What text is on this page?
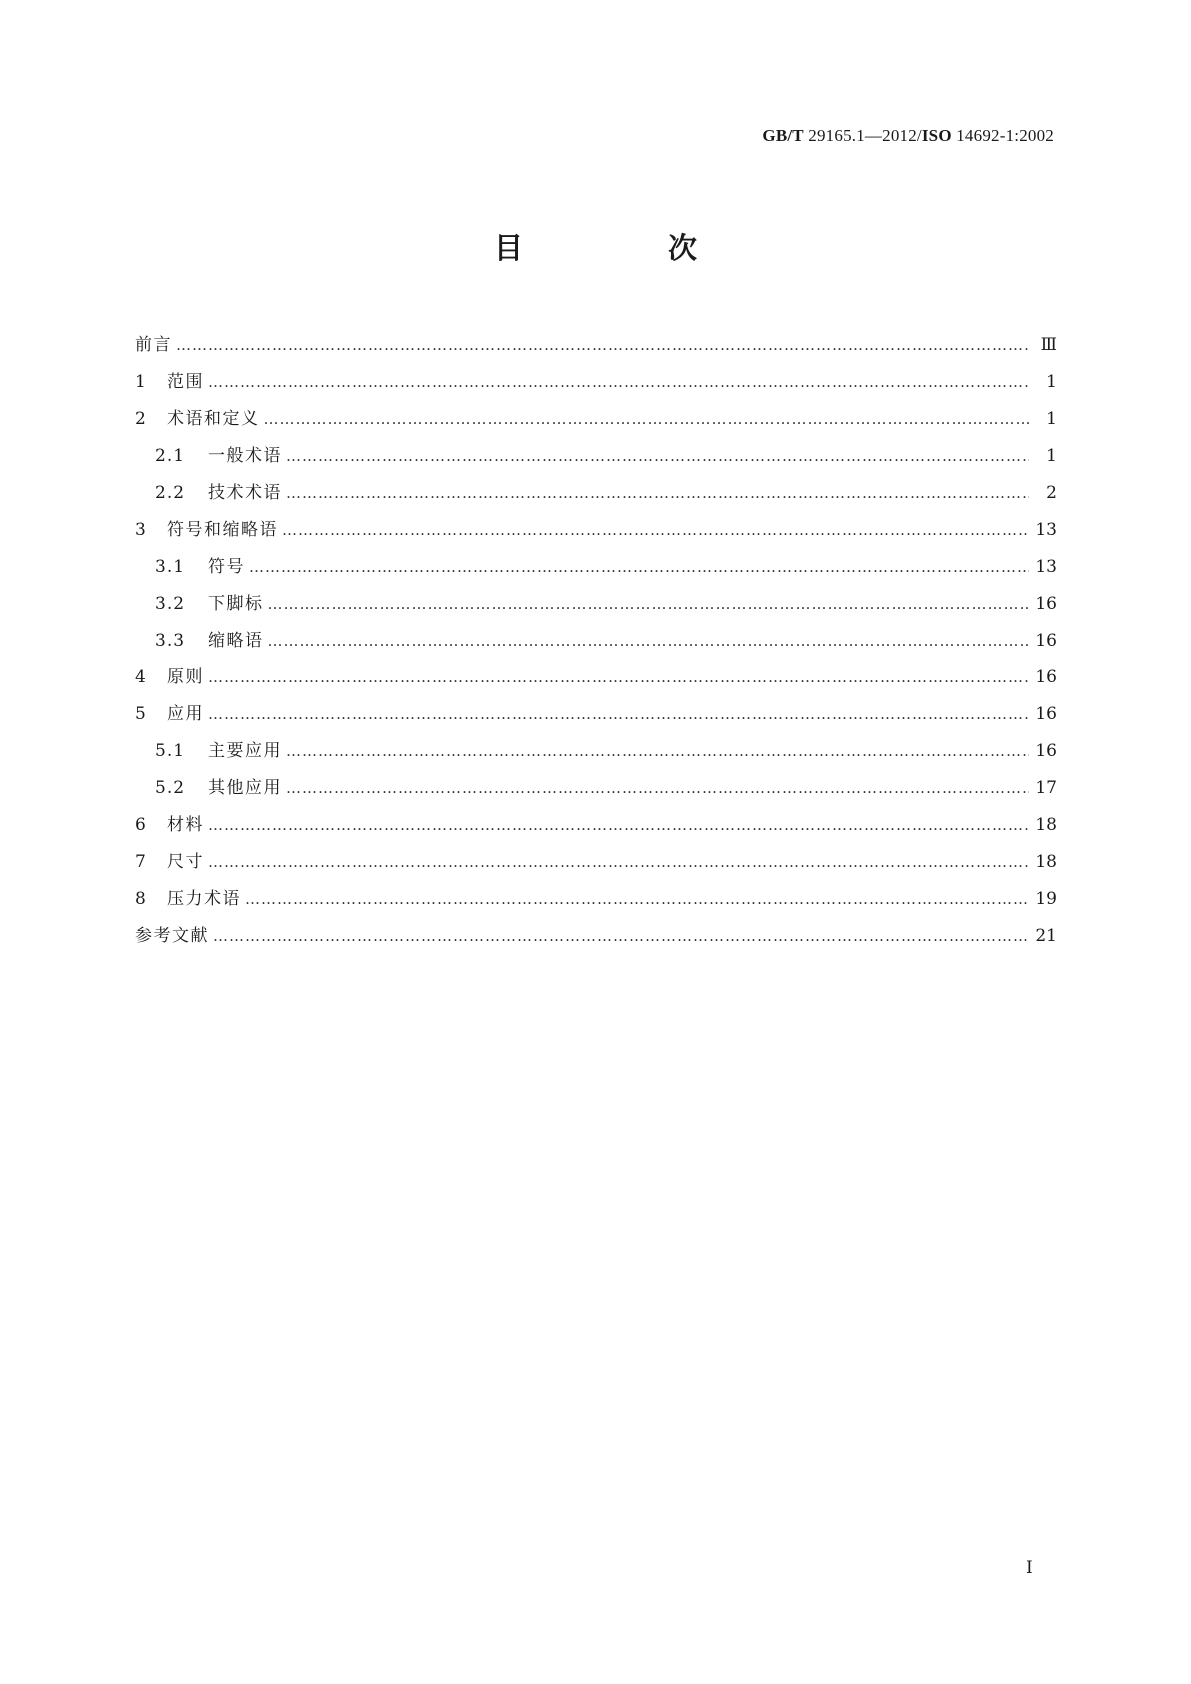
GB/T 29165.1—2012/ISO 14692-1:2002
目　次
前言 …………………………………………………………………………………………………………………………………………………………………………………………………………………………………………………………	Ⅲ
1	范围 …………………………………………………………………………………………………………………………………………………………………………………………………………………………………………………………	1
2	术语和定义 …………………………………………………………………………………………………………………………………………………………………………………………………………………………………………………………	1
2.1	一般术语 …………………………………………………………………………………………………………………………………………………………………………………………………………………………………………………………	1
2.2	技术术语 …………………………………………………………………………………………………………………………………………………………………………………………………………………………………………………………	2
3	符号和缩略语 …………………………………………………………………………………………………………………………………………………………………………………………………………………………………………………………	13
3.1	符号 …………………………………………………………………………………………………………………………………………………………………………………………………………………………………………………………	13
3.2	下脚标 …………………………………………………………………………………………………………………………………………………………………………………………………………………………………………………………	16
3.3	缩略语 …………………………………………………………………………………………………………………………………………………………………………………………………………………………………………………………	16
4	原则 …………………………………………………………………………………………………………………………………………………………………………………………………………………………………………………………	16
5	应用 …………………………………………………………………………………………………………………………………………………………………………………………………………………………………………………………	16
5.1	主要应用 …………………………………………………………………………………………………………………………………………………………………………………………………………………………………………………………	16
5.2	其他应用 …………………………………………………………………………………………………………………………………………………………………………………………………………………………………………………………	17
6	材料 …………………………………………………………………………………………………………………………………………………………………………………………………………………………………………………………	18
7	尺寸 …………………………………………………………………………………………………………………………………………………………………………………………………………………………………………………………	18
8	压力术语 …………………………………………………………………………………………………………………………………………………………………………………………………………………………………………………………	19
参考文献 …………………………………………………………………………………………………………………………………………………………………………………………………………………………………………………………	21
Ⅰ
